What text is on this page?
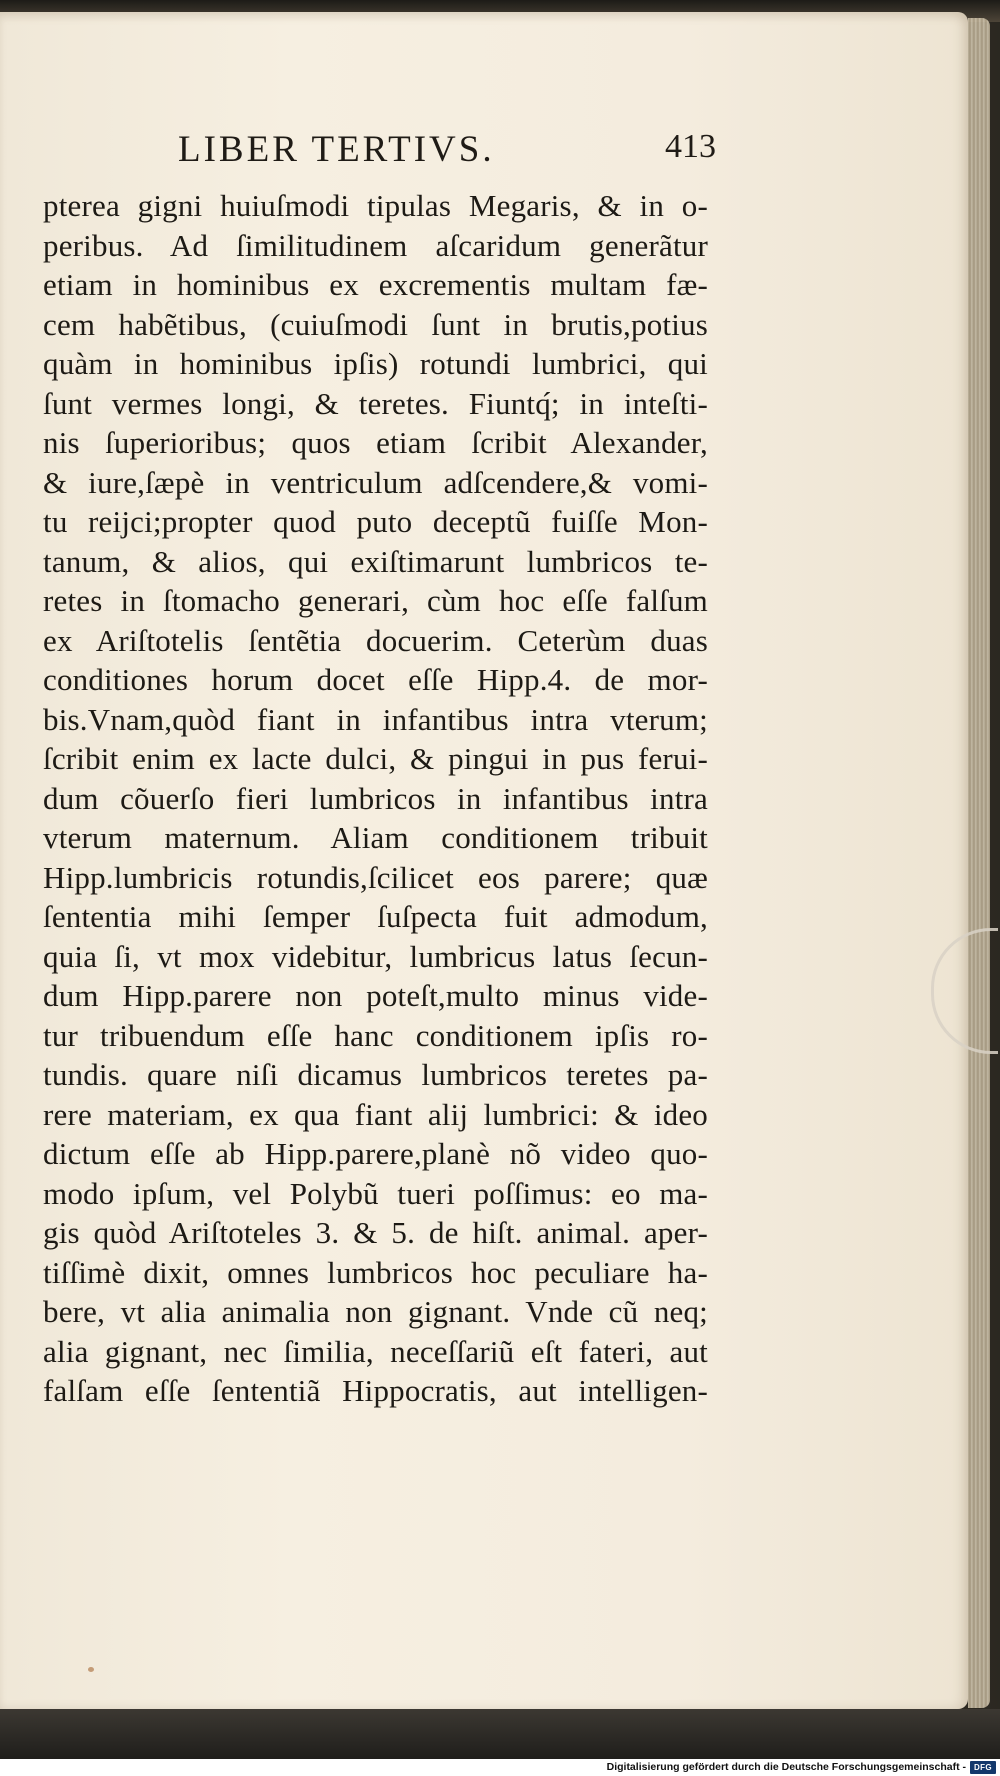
LIBER TERTIVS.	413
pterea gigni huiuſmodi tipulas Megaris, & in o-
peribus. Ad ſimilitudinem aſcaridum generãtur
etiam in hominibus ex excrementis multam fæ-
cem habẽtibus, (cuiuſmodi ſunt in brutis,potius
quàm in hominibus ipſis) rotundi lumbrici, qui
ſunt vermes longi, & teretes. Fiuntq́; in inteſti-
nis ſuperioribus; quos etiam ſcribit Alexander,
& iure,ſæpè in ventriculum adſcendere,& vomi-
tu reijci;propter quod puto deceptũ fuiſſe Mon-
tanum, & alios, qui exiſtimarunt lumbricos te-
retes in ſtomacho generari, cùm hoc eſſe falſum
ex Ariſtotelis ſentẽtia docuerim. Ceterùm duas
conditiones horum docet eſſe Hipp.4. de mor-
bis.Vnam,quòd fiant in infantibus intra vterum;
ſcribit enim ex lacte dulci, & pingui in pus ferui-
dum cõuerſo fieri lumbricos in infantibus intra
vterum maternum. Aliam conditionem tribuit
Hipp.lumbricis rotundis,ſcilicet eos parere; quæ
ſententia mihi ſemper ſuſpecta fuit admodum,
quia ſi, vt mox videbitur, lumbricus latus ſecun-
dum Hipp.parere non poteſt,multo minus vide-
tur tribuendum eſſe hanc conditionem ipſis ro-
tundis. quare niſi dicamus lumbricos teretes pa-
rere materiam, ex qua fiant alij lumbrici: & ideo
dictum eſſe ab Hipp.parere,planè nõ video quo-
modo ipſum, vel Polybũ tueri poſſimus: eo ma-
gis quòd Ariſtoteles 3. & 5. de hiſt. animal. aper-
tiſſimè dixit, omnes lumbricos hoc peculiare ha-
bere, vt alia animalia non gignant. Vnde cũ neq;
alia gignant, nec ſimilia, neceſſariũ eſt fateri, aut
falſam eſſe ſententiã Hippocratis, aut intelligen-
Digitalisierung gefördert durch die Deutsche Forschungsgemeinschaft - DFG
